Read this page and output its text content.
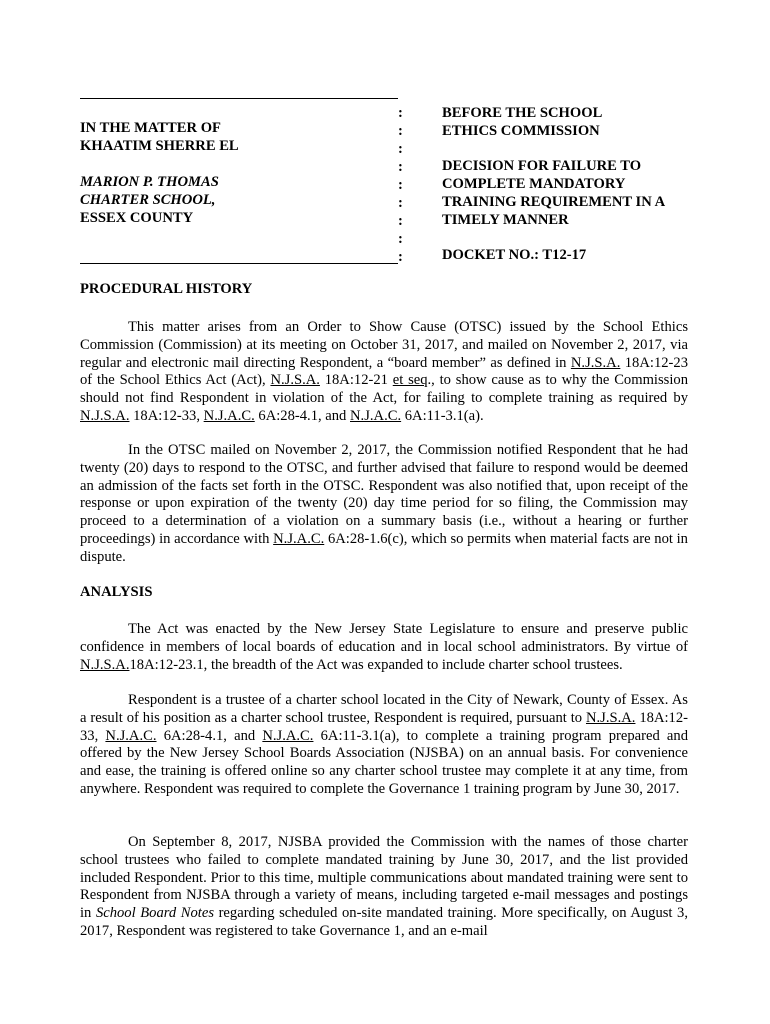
IN THE MATTER OF
KHAATIM SHERRE EL
MARION P. THOMAS
CHARTER SCHOOL,
ESSEX COUNTY
:
:
:
:
:
:
:
:
:
BEFORE THE SCHOOL
ETHICS COMMISSION
DECISION FOR FAILURE TO
COMPLETE MANDATORY
TRAINING REQUIREMENT IN A
TIMELY MANNER
DOCKET NO.: T12-17
PROCEDURAL HISTORY

This matter arises from an Order to Show Cause (OTSC) issued by the School Ethics Commission (Commission) at its meeting on October 31, 2017, and mailed on November 2, 2017, via regular and electronic mail directing Respondent, a “board member” as defined in N.J.S.A. 18A:12-23 of the School Ethics Act (Act), N.J.S.A. 18A:12-21 et seq., to show cause as to why the Commission should not find Respondent in violation of the Act, for failing to complete training as required by N.J.S.A. 18A:12-33, N.J.A.C. 6A:28-4.1, and N.J.A.C. 6A:11-3.1(a).

In the OTSC mailed on November 2, 2017, the Commission notified Respondent that he had twenty (20) days to respond to the OTSC, and further advised that failure to respond would be deemed an admission of the facts set forth in the OTSC. Respondent was also notified that, upon receipt of the response or upon expiration of the twenty (20) day time period for so filing, the Commission may proceed to a determination of a violation on a summary basis (i.e., without a hearing or further proceedings) in accordance with N.J.A.C. 6A:28-1.6(c), which so permits when material facts are not in dispute.

ANALYSIS

The Act was enacted by the New Jersey State Legislature to ensure and preserve public confidence in members of local boards of education and in local school administrators. By virtue of N.J.S.A.18A:12-23.1, the breadth of the Act was expanded to include charter school trustees.

Respondent is a trustee of a charter school located in the City of Newark, County of Essex. As a result of his position as a charter school trustee, Respondent is required, pursuant to N.J.S.A. 18A:12-33, N.J.A.C. 6A:28-4.1, and N.J.A.C. 6A:11-3.1(a), to complete a training program prepared and offered by the New Jersey School Boards Association (NJSBA) on an annual basis. For convenience and ease, the training is offered online so any charter school trustee may complete it at any time, from anywhere. Respondent was required to complete the Governance 1 training program by June 30, 2017.

On September 8, 2017, NJSBA provided the Commission with the names of those charter school trustees who failed to complete mandated training by June 30, 2017, and the list provided included Respondent. Prior to this time, multiple communications about mandated training were sent to Respondent from NJSBA through a variety of means, including targeted e-mail messages and postings in School Board Notes regarding scheduled on-site mandated training. More specifically, on August 3, 2017, Respondent was registered to take Governance 1, and an e-mail
